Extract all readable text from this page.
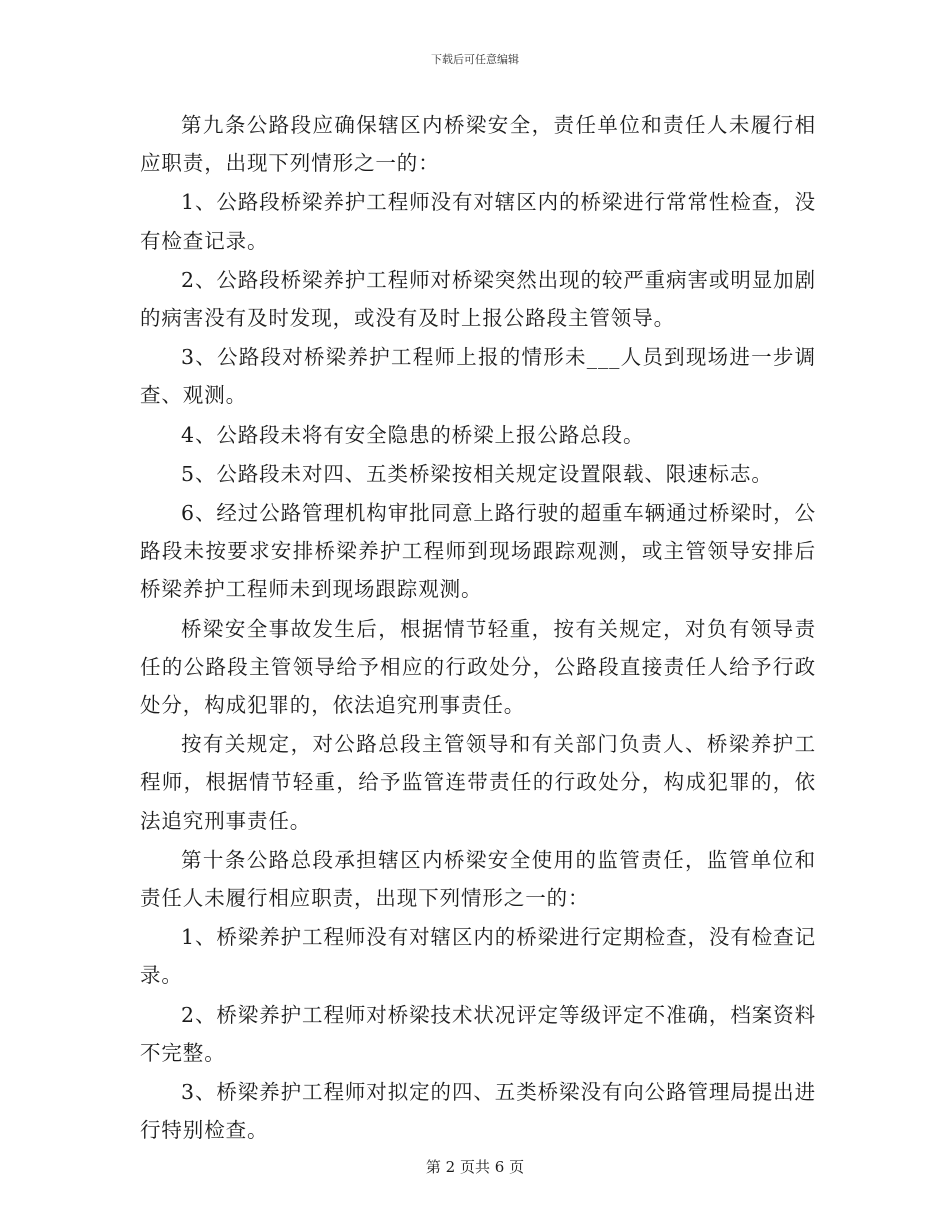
下载后可任意编辑

第九条公路段应确保辖区内桥梁安全，责任单位和责任人未履行相应职责，出现下列情形之一的：

1、公路段桥梁养护工程师没有对辖区内的桥梁进行常常性检查，没有检查记录。

2、公路段桥梁养护工程师对桥梁突然出现的较严重病害或明显加剧的病害没有及时发现，或没有及时上报公路段主管领导。

3、公路段对桥梁养护工程师上报的情形未___人员到现场进一步调查、观测。

4、公路段未将有安全隐患的桥梁上报公路总段。

5、公路段未对四、五类桥梁按相关规定设置限载、限速标志。

6、经过公路管理机构审批同意上路行驶的超重车辆通过桥梁时，公路段未按要求安排桥梁养护工程师到现场跟踪观测，或主管领导安排后桥梁养护工程师未到现场跟踪观测。

桥梁安全事故发生后，根据情节轻重，按有关规定，对负有领导责任的公路段主管领导给予相应的行政处分，公路段直接责任人给予行政处分，构成犯罪的，依法追究刑事责任。

按有关规定，对公路总段主管领导和有关部门负责人、桥梁养护工程师，根据情节轻重，给予监管连带责任的行政处分，构成犯罪的，依法追究刑事责任。

第十条公路总段承担辖区内桥梁安全使用的监管责任，监管单位和责任人未履行相应职责，出现下列情形之一的：

1、桥梁养护工程师没有对辖区内的桥梁进行定期检查，没有检查记录。

2、桥梁养护工程师对桥梁技术状况评定等级评定不准确，档案资料不完整。

3、桥梁养护工程师对拟定的四、五类桥梁没有向公路管理局提出进行特别检查。

第 2 页共 6 页
